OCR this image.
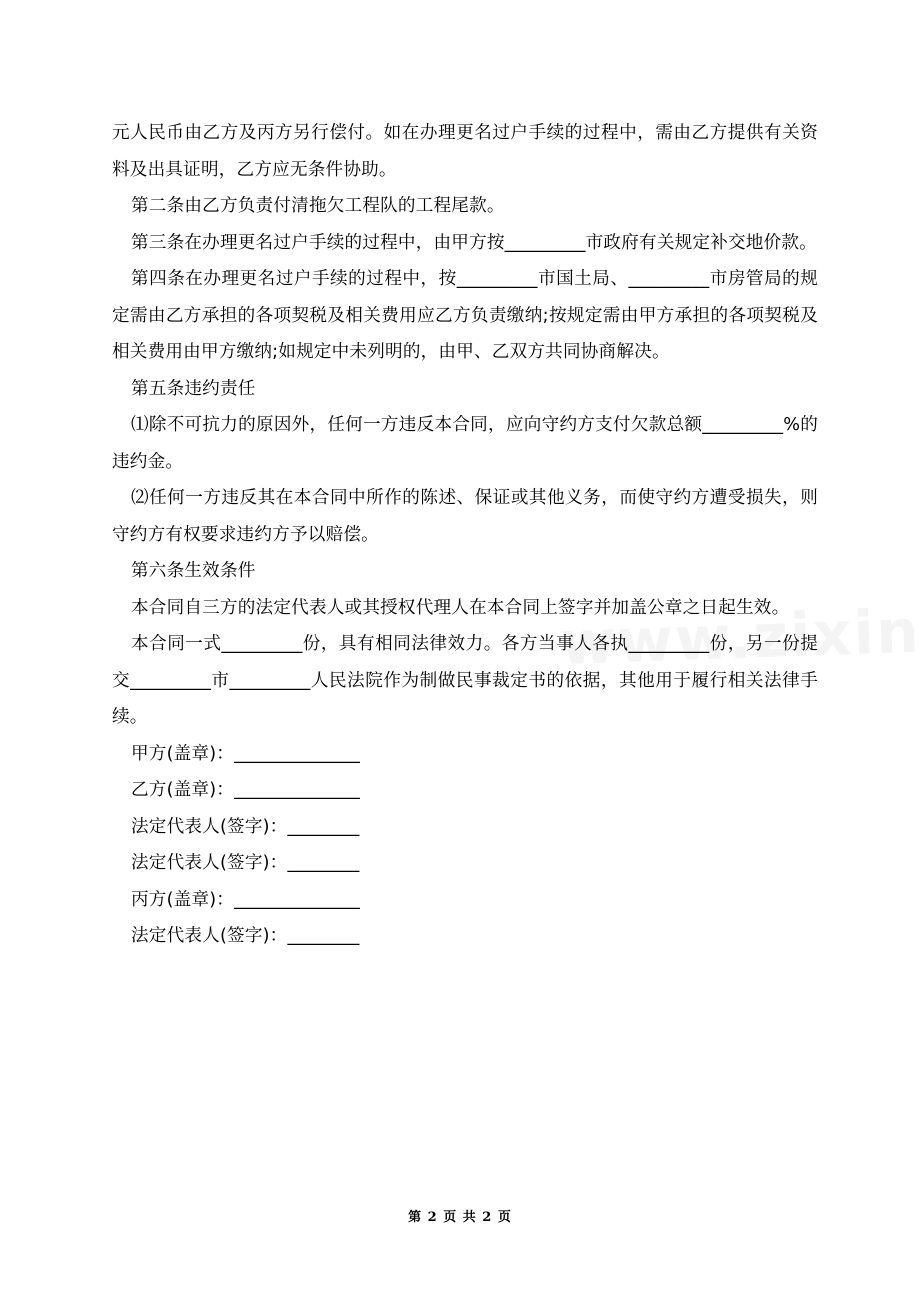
元人民币由乙方及丙方另行偿付。如在办理更名过户手续的过程中，需由乙方提供有关资料及出具证明，乙方应无条件协助。

第二条由乙方负责付清拖欠工程队的工程尾款。

第三条在办理更名过户手续的过程中，由甲方按_________市政府有关规定补交地价款。

第四条在办理更名过户手续的过程中，按_________市国土局、_________市房管局的规定需由乙方承担的各项契税及相关费用应乙方负责缴纳;按规定需由甲方承担的各项契税及相关费用由甲方缴纳;如规定中未列明的，由甲、乙双方共同协商解决。

第五条违约责任

⑴除不可抗力的原因外，任何一方违反本合同，应向守约方支付欠款总额_________%的违约金。

⑵任何一方违反其在本合同中所作的陈述、保证或其他义务，而使守约方遭受损失，则守约方有权要求违约方予以赔偿。

第六条生效条件

本合同自三方的法定代表人或其授权代理人在本合同上签字并加盖公章之日起生效。

本合同一式_________份，具有相同法律效力。各方当事人各执_________份，另一份提交_________市_________人民法院作为制做民事裁定书的依据，其他用于履行相关法律手续。

甲方(盖章)：______________

乙方(盖章)：______________

法定代表人(签字)：________

法定代表人(签字)：________

丙方(盖章)：______________

法定代表人(签字)：________

第 2 页 共 2 页
